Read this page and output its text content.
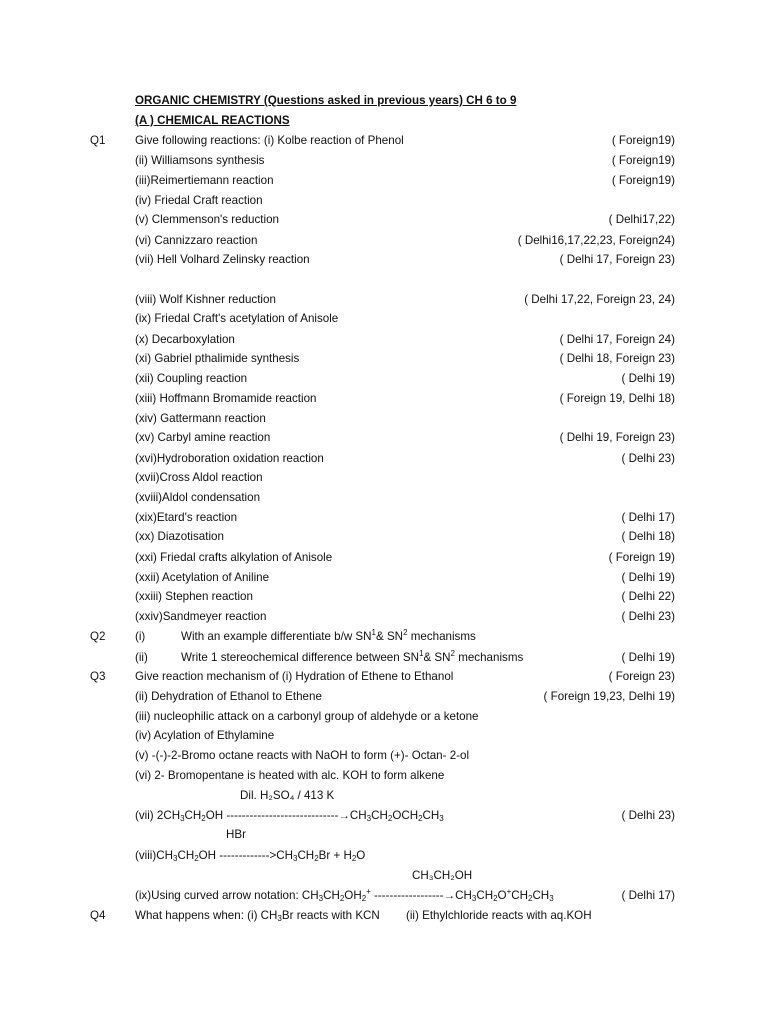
ORGANIC CHEMISTRY (Questions asked in previous years) CH 6 to 9
(A ) CHEMICAL REACTIONS
Q1	Give following reactions: (i) Kolbe reaction of Phenol	( Foreign19)
(ii) Williamsons synthesis	( Foreign19)
(iii)Reimertiemann reaction	( Foreign19)
(iv) Friedal Craft reaction
(v) Clemmenson's reduction	( Delhi17,22)
(vi) Cannizzaro reaction	( Delhi16,17,22,23, Foreign24)
(vii) Hell Volhard Zelinsky reaction	( Delhi 17, Foreign 23)
(viii) Wolf Kishner reduction	( Delhi 17,22, Foreign 23, 24)
(ix) Friedal Craft's acetylation of Anisole
(x) Decarboxylation	( Delhi 17, Foreign 24)
(xi) Gabriel pthalimide synthesis	( Delhi 18, Foreign 23)
(xii) Coupling reaction	( Delhi 19)
(xiii) Hoffmann Bromamide reaction	( Foreign 19, Delhi 18)
(xiv) Gattermann reaction
(xv) Carbyl amine reaction	( Delhi 19, Foreign 23)
(xvi)Hydroboration oxidation reaction	( Delhi 23)
(xvii)Cross Aldol reaction
(xviii)Aldol condensation
(xix)Etard's reaction	( Delhi 17)
(xx) Diazotisation	( Delhi 18)
(xxi) Friedal crafts alkylation of Anisole	( Foreign 19)
(xxii) Acetylation of Aniline	( Delhi 19)
(xxiii) Stephen reaction	( Delhi 22)
(xxiv)Sandmeyer reaction	( Delhi 23)
Q2	(i)	With an example differentiate b/w $SN^1\&$ $SN^2$ mechanisms
(ii)	Write 1 stereochemical difference between $SN^1\&$ $SN^2$ mechanisms	( Delhi 19)
Q3	Give reaction mechanism of (i) Hydration of Ethene to Ethanol	( Foreign 23)
(ii) Dehydration of Ethanol to Ethene	( Foreign 19,23, Delhi 19)
(iii) nucleophilic attack on a carbonyl group of aldehyde or a ketone
(iv) Acylation of Ethylamine
(v) -(-)-2-Bromo octane reacts with NaOH to form (+)- Octan- 2-ol
(vi) 2- Bromopentane is heated with alc. KOH to form alkene
Dil. H₂SO₄ / 413 K
(vii) $2CH_3CH_2OH$ $-----------------------------\to CH_3CH_2OCH_2CH_3$	( Delhi 23)
HBr
$(viii)CH_3CH_2OH$ $------------->CH_3CH_2Br + H_2O$
CH₃CH₂OH
(ix)Using curved arrow notation: $CH_3CH_2OH_2^+$ $------------------\to CH_3CH_2O^+CH_2CH_3$	( Delhi 17)
Q4	What happens when: (i) $CH_3Br$ reacts with KCN (ii) Ethylchloride reacts with aq.KOH
